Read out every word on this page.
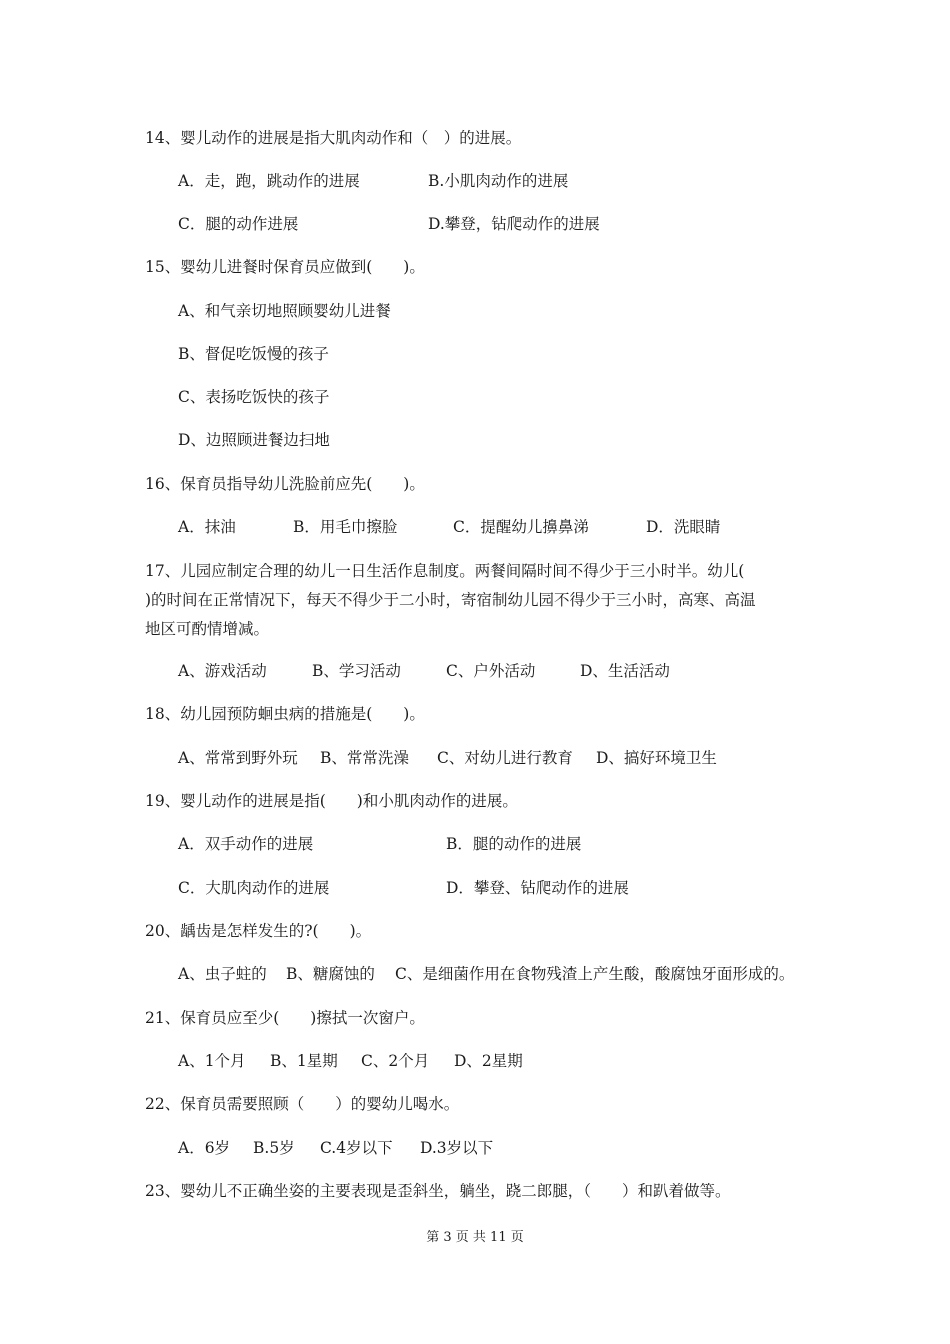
14、婴儿动作的进展是指大肌肉动作和（　）的进展。
A．走，跑，跳动作的进展	B.小肌肉动作的进展
C．腿的动作进展	D.攀登，钻爬动作的进展
15、婴幼儿进餐时保育员应做到(　　)。
A、和气亲切地照顾婴幼儿进餐
B、督促吃饭慢的孩子
C、表扬吃饭快的孩子
D、边照顾进餐边扫地
16、保育员指导幼儿洗脸前应先(　　)。
A．抹油	B．用毛巾擦脸	C．提醒幼儿擤鼻涕	D．洗眼睛
17、儿园应制定合理的幼儿一日生活作息制度。两餐间隔时间不得少于三小时半。幼儿(
)的时间在正常情况下，每天不得少于二小时，寄宿制幼儿园不得少于三小时，高寒、高温
地区可酌情增减。
A、游戏活动	B、学习活动	C、户外活动	D、生活活动
18、幼儿园预防蛔虫病的措施是(　　)。
A、常常到野外玩 B、常常洗澡 C、对幼儿进行教育 D、搞好环境卫生
19、婴儿动作的进展是指(　　)和小肌肉动作的进展。
A．双手动作的进展	B．腿的动作的进展
C．大肌肉动作的进展	D．攀登、钻爬动作的进展
20、龋齿是怎样发生的?(　　)。
A、虫子蛀的 B、糖腐蚀的 C、是细菌作用在食物残渣上产生酸，酸腐蚀牙面形成的。
21、保育员应至少(　　)擦拭一次窗户。
A、1个月 B、1星期 C、2个月 D、2星期
22、保育员需要照顾（　　）的婴幼儿喝水。
A．6岁 B.5岁 C.4岁以下 D.3岁以下
23、婴幼儿不正确坐姿的主要表现是歪斜坐，躺坐，跷二郎腿，（　　）和趴着做等。
第 3 页 共 11 页
